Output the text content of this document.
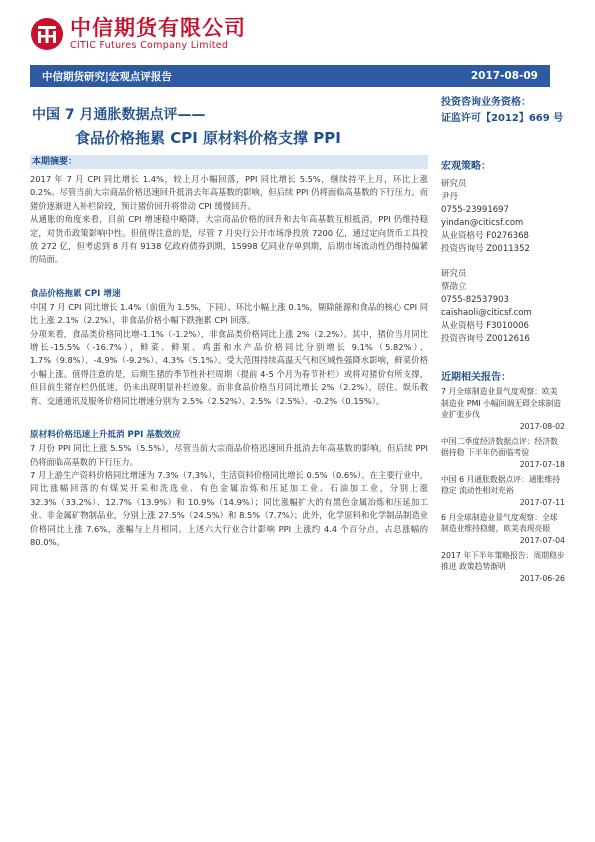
中信期货有限公司
CITIC Futures Company Limited
中信期货研究|宏观点评报告	2017-08-09
中国 7 月通胀数据点评——
食品价格拖累 CPI 原材料价格支撑 PPI
本期摘要：

2017 年 7 月 CPI 同比增长 1.4%，较上月小幅回落，PPI 同比增长 5.5%，继续持平上月，环比上涨 0.2%。尽管当前大宗商品价格迅速回升抵消去年高基数的影响，但后续 PPI 仍将面临高基数的下行压力。而猪价逐渐进入补栏阶段，预计猪价回升将带动 CPI 缓慢回升。

从通胀的角度来看，目前 CPI 增速稳中略降，大宗商品价格的回升和去年高基数互相抵消，PPI 仍维持稳定，对货币政策影响中性。但值得注意的是，尽管 7 月央行公开市场净投放 7200 亿，通过定向货币工具投放 272 亿，但考虑到 8 月有 9138 亿政府债券到期，15998 亿同业存单到期，后期市场流动性仍维持偏紧的局面。

食品价格拖累 CPI 增速

中国 7 月 CPI 同比增长 1.4%（前值为 1.5%，下同）、环比小幅上涨 0.1%，剔除能源和食品的核心 CPI 同比上涨 2.1%（2.2%），非食品价格小幅下跌拖累 CPI 回落。

分项来看，食品类价格同比增-1.1%（-1.2%），非食品类价格同比上涨 2%（2.2%）。其中，猪价当月同比增长-15.5%（-16.7%），鲜菜、鲜果、鸡蛋和水产品价格同比分别增长 9.1%（5.82%）、1.7%（9.8%）、-4.9%（-9.2%）、4.3%（5.1%）。受大范围持续高温天气和区域性强降水影响，鲜菜价格小幅上涨。值得注意的是，后期生猪的季节性补栏周期（提前 4-5 个月为春节补栏）或将对猪价有所支撑，但目前生猪存栏仍低迷，仍未出现明显补栏迹象。而非食品价格当月同比增长 2%（2.2%），居住、娱乐教育、交通通讯及服务价格同比增速分别为 2.5%（2.52%）、2.5%（2.5%）、-0.2%（0.15%）。

原材料价格迅速上升抵消 PPI 基数效应

7 月份 PPI 同比上涨 5.5%（5.5%），尽管当前大宗商品价格迅速回升抵消去年高基数的影响，但后续 PPI 仍将面临高基数的下行压力。

7 月上游生产资料价格同比增速为 7.3%（7.3%），生活资料价格同比增长 0.5%（0.6%）。在主要行业中，同比涨幅回落的有煤炭开采和洗选业、有色金属冶炼和压延加工业、石油加工业，分别上涨 32.3%（33.2%）、12.7%（13.9%）和 10.9%（14.9%）；同比涨幅扩大的有黑色金属冶炼和压延加工业、非金属矿物制品业，分别上涨 27.5%（24.5%）和 8.5%（7.7%）；此外，化学原料和化学制品制造业价格同比上涨 7.6%，涨幅与上月相同。上述六大行业合计影响 PPI 上涨约 4.4 个百分点，占总涨幅的 80.0%。

投资咨询业务资格：
证监许可【2012】669 号
宏观策略：
研究员
尹丹
0755-23991697
yindan@citicsf.com
从业资格号 F0276368
投资咨询号 Z0011352
研究员
蔡劭立
0755-82537903
caishaoli@citicsf.com
从业资格号 F3010006
投资咨询号 Z0012616
近期相关报告：
7 月全球制造业景气度观察：欧美制造业 PMI 小幅回调无碍全球制造业扩张步伐
2017-08-02
中国二季度经济数据点评：经济数据持稳 下半年仍面临考验
2017-07-18
中国 6 月通胀数据点评：通胀维持稳定 流动性相对充裕
2017-07-11
6 月全球制造业景气度观察：全球制造业维持稳健，欧美表现亮眼
2017-07-04
2017 年下半年策略报告：周期稳步推进 政策趋势渐明
2017-06-26
